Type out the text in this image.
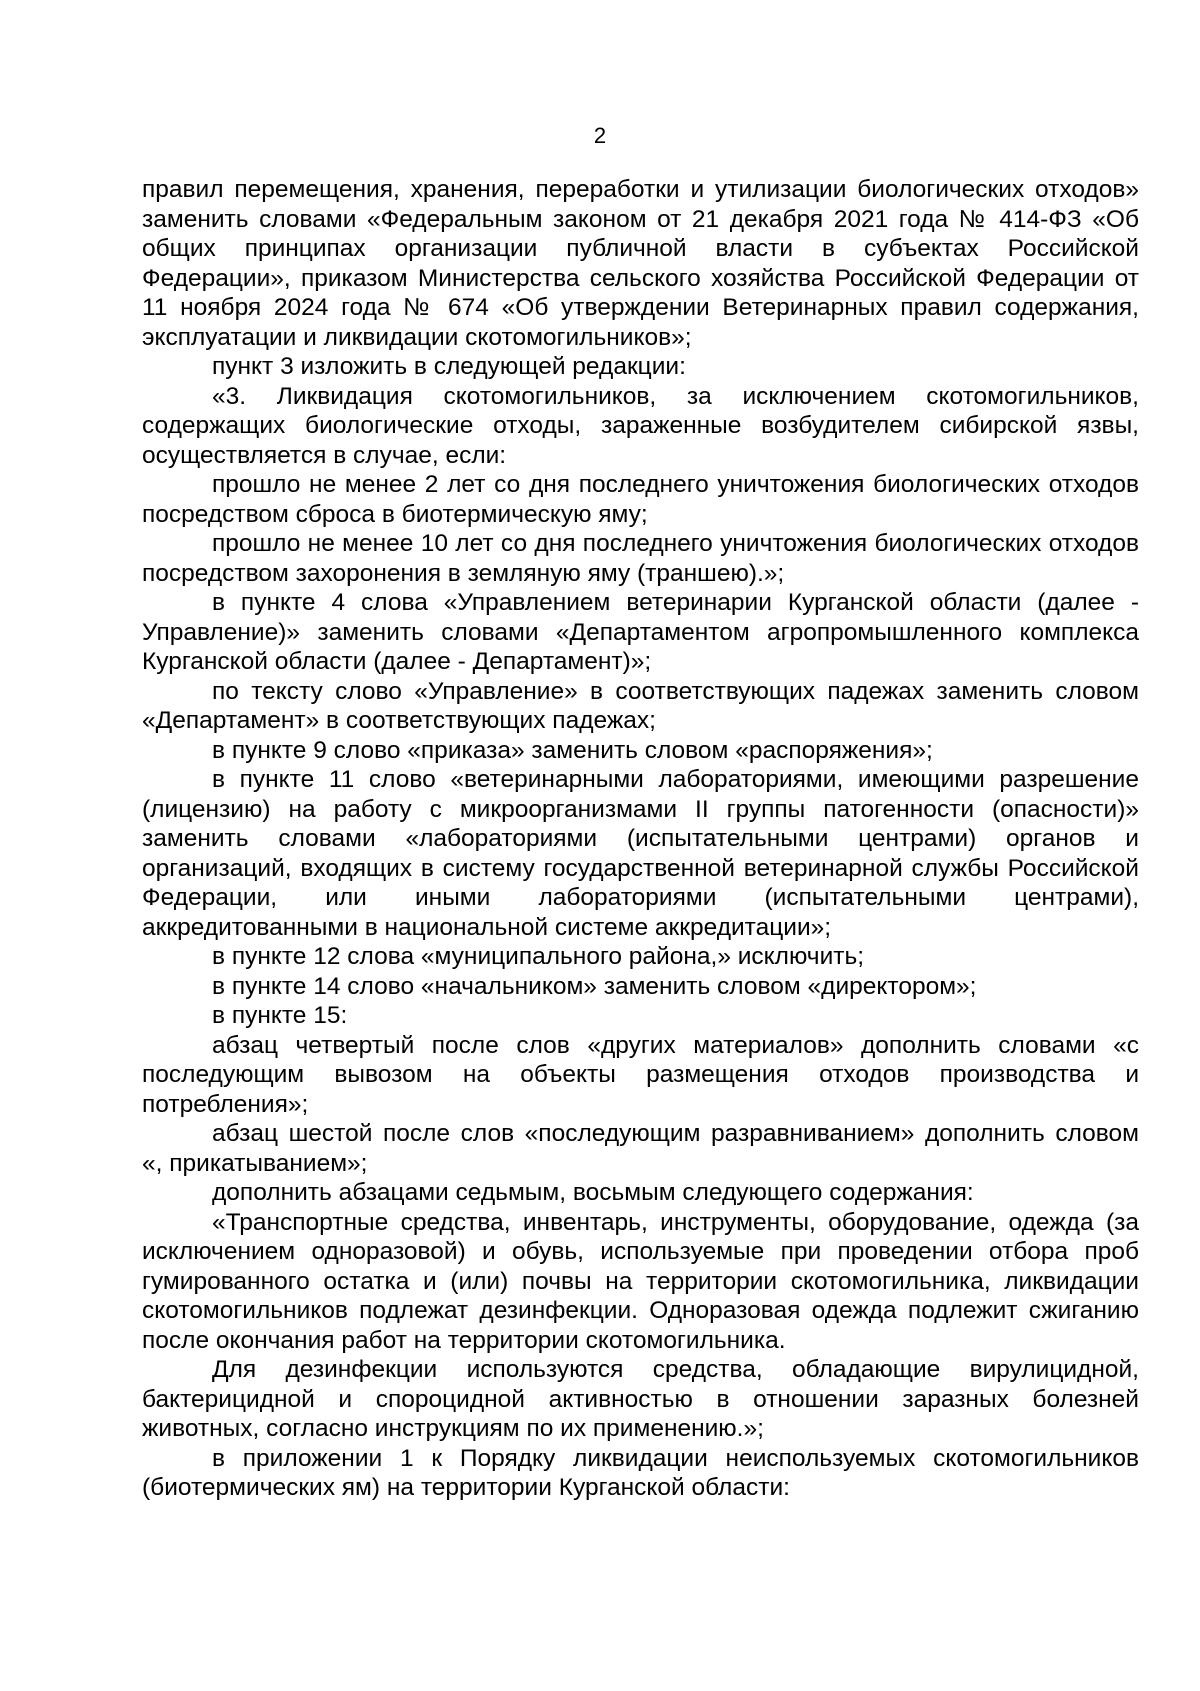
2

правил перемещения, хранения, переработки и утилизации биологических отходов» заменить словами «Федеральным законом от 21 декабря 2021 года № 414-ФЗ «Об общих принципах организации публичной власти в субъектах Российской Федерации», приказом Министерства сельского хозяйства Российской Федерации от 11 ноября 2024 года № 674 «Об утверждении Ветеринарных правил содержания, эксплуатации и ликвидации скотомогильников»;

пункт 3 изложить в следующей редакции:

«3. Ликвидация скотомогильников, за исключением скотомогильников, содержащих биологические отходы, зараженные возбудителем сибирской язвы, осуществляется в случае, если:

прошло не менее 2 лет со дня последнего уничтожения биологических отходов посредством сброса в биотермическую яму;

прошло не менее 10 лет со дня последнего уничтожения биологических отходов посредством захоронения в земляную яму (траншею).»;

в пункте 4 слова «Управлением ветеринарии Курганской области (далее - Управление)» заменить словами «Департаментом агропромышленного комплекса Курганской области (далее - Департамент)»;

по тексту слово «Управление» в соответствующих падежах заменить словом «Департамент» в соответствующих падежах;

в пункте 9 слово «приказа» заменить словом «распоряжения»;

в пункте 11 слово «ветеринарными лабораториями, имеющими разрешение (лицензию) на работу с микроорганизмами II группы патогенности (опасности)» заменить словами «лабораториями (испытательными центрами) органов и организаций, входящих в систему государственной ветеринарной службы Российской Федерации, или иными лабораториями (испытательными центрами), аккредитованными в национальной системе аккредитации»;

в пункте 12 слова «муниципального района,» исключить;

в пункте 14 слово «начальником» заменить словом «директором»;

в пункте 15:

абзац четвертый после слов «других материалов» дополнить словами «с последующим вывозом на объекты размещения отходов производства и потребления»;

абзац шестой после слов «последующим разравниванием» дополнить словом «, прикатыванием»;

дополнить абзацами седьмым, восьмым следующего содержания:

«Транспортные средства, инвентарь, инструменты, оборудование, одежда (за исключением одноразовой) и обувь, используемые при проведении отбора проб гумированного остатка и (или) почвы на территории скотомогильника, ликвидации скотомогильников подлежат дезинфекции. Одноразовая одежда подлежит сжиганию после окончания работ на территории скотомогильника.

Для дезинфекции используются средства, обладающие вирулицидной, бактерицидной и спороцидной активностью в отношении заразных болезней животных, согласно инструкциям по их применению.»;

в приложении 1 к Порядку ликвидации неиспользуемых скотомогильников (биотермических ям) на территории Курганской области:
